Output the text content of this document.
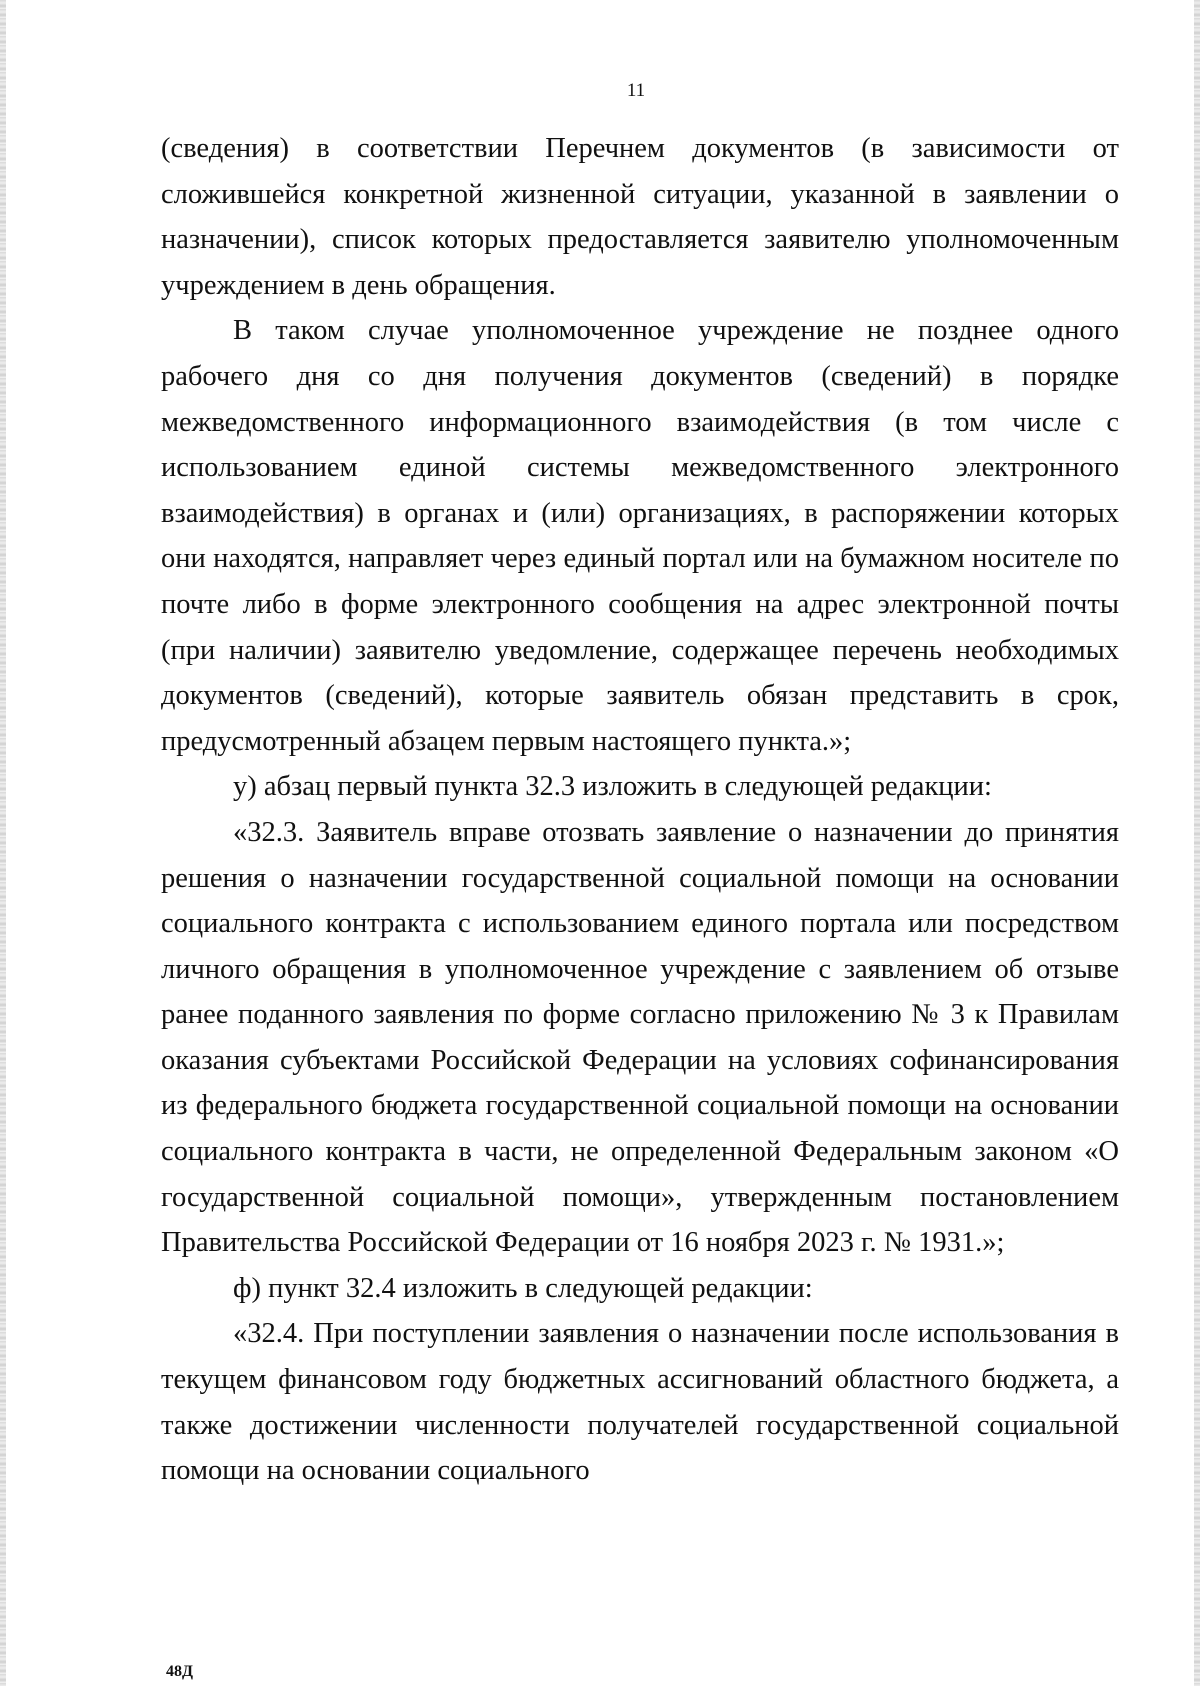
11

(сведения) в соответствии Перечнем документов (в зависимости от сложившейся конкретной жизненной ситуации, указанной в заявлении о назначении), список которых предоставляется заявителю уполномоченным учреждением в день обращения.

В таком случае уполномоченное учреждение не позднее одного рабочего дня со дня получения документов (сведений) в порядке межведомственного информационного взаимодействия (в том числе с использованием единой системы межведомственного электронного взаимодействия) в органах и (или) организациях, в распоряжении которых они находятся, направляет через единый портал или на бумажном носителе по почте либо в форме электронного сообщения на адрес электронной почты (при наличии) заявителю уведомление, содержащее перечень необходимых документов (сведений), которые заявитель обязан представить в срок, предусмотренный абзацем первым настоящего пункта.»;

у) абзац первый пункта 32.3 изложить в следующей редакции:

«32.3. Заявитель вправе отозвать заявление о назначении до принятия решения о назначении государственной социальной помощи на основании социального контракта с использованием единого портала или посредством личного обращения в уполномоченное учреждение с заявлением об отзыве ранее поданного заявления по форме согласно приложению № 3 к Правилам оказания субъектами Российской Федерации на условиях софинансирования из федерального бюджета государственной социальной помощи на основании социального контракта в части, не определенной Федеральным законом «О государственной социальной помощи», утвержденным постановлением Правительства Российской Федерации от 16 ноября 2023 г. № 1931.»;

ф) пункт 32.4 изложить в следующей редакции:

«32.4. При поступлении заявления о назначении после использования в текущем финансовом году бюджетных ассигнований областного бюджета, а также достижении численности получателей государственной социальной помощи на основании социального

48Д
